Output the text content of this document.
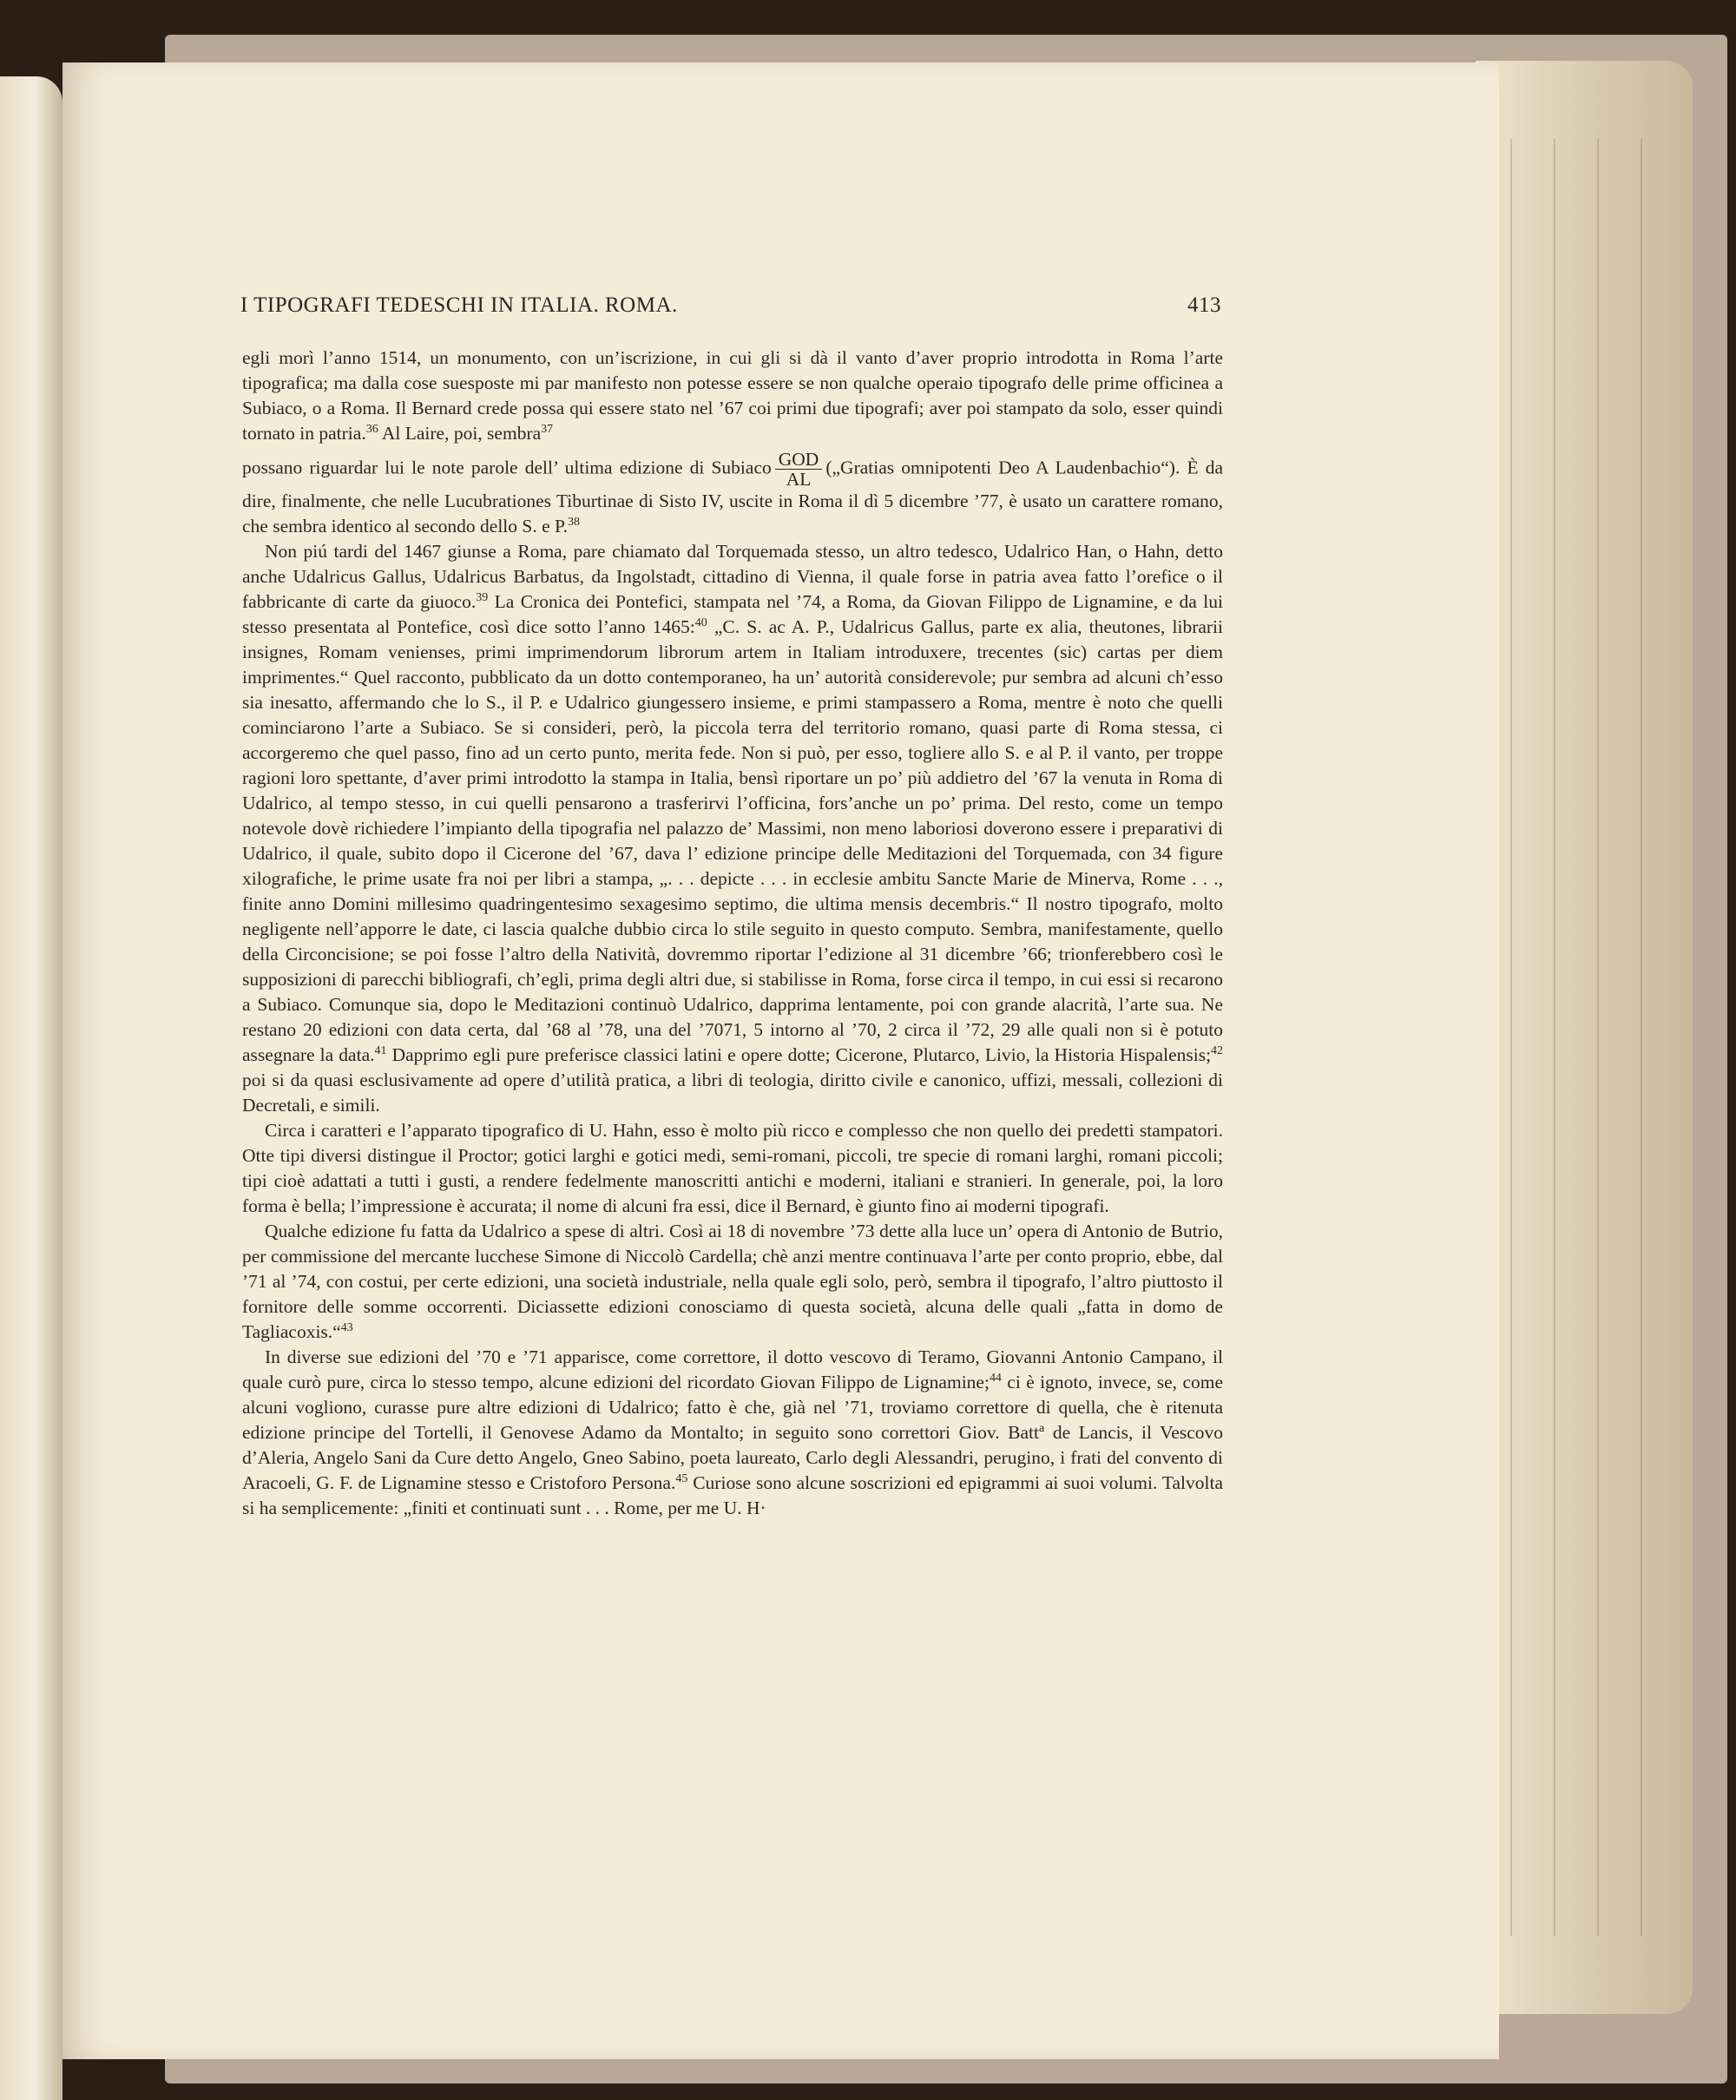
I TIPOGRAFI TEDESCHI IN ITALIA. ROMA.	413

egli morì l’anno 1514, un monumento, con un’iscrizione, in cui gli si dà il vanto d’aver proprio introdotta in Roma l’arte tipografica; ma dalla cose suesposte mi par manifesto non potesse essere se non qualche operaio tipografo delle prime officinea a Subiaco, o a Roma. Il Bernard crede possa qui essere stato nel ’67 coi primi due tipografi; aver poi stampato da solo, esser quindi tornato in patria.$^{36}$ Al Laire, poi, sembra$^{37}$
possano riguardar lui le note parole dell’ ultima edizione di Subiaco $\frac{\text{GOD}}{AL}$ („Gratias omnipotenti Deo A Laudenbachio“). È da dire, finalmente, che nelle Lucubrationes Tiburtinae di Sisto IV, uscite in Roma il dì 5 dicembre ’77, è usato un carattere romano, che sembra identico al secondo dello S. e P.$^{38}$

Non piú tardi del 1467 giunse a Roma, pare chiamato dal Torquemada stesso, un altro tedesco, Udalrico Han, o Hahn, detto anche Udalricus Gallus, Udalricus Barbatus, da Ingolstadt, cittadino di Vienna, il quale forse in patria avea fatto l’orefice o il fabbricante di carte da giuoco.$^{39}$ La Cronica dei Pontefici, stampata nel ’74, a Roma, da Giovan Filippo de Lignamine, e da lui stesso presentata al Pontefice, così dice sotto l’anno 1465:$^{40}$ „C. S. ac A. P., Udalricus Gallus, parte ex alia, theutones, librarii insignes, Romam venienses, primi imprimendorum librorum artem in Italiam introduxere, trecentes (sic) cartas per diem imprimentes.“ Quel racconto, pubblicato da un dotto contemporaneo, ha un’ autorità considerevole; pur sembra ad alcuni ch’esso sia inesatto, affermando che lo S., il P. e Udalrico giungessero insieme, e primi stampassero a Roma, mentre è noto che quelli cominciarono l’arte a Subiaco. Se si consideri, però, la piccola terra del territorio romano, quasi parte di Roma stessa, ci accorgeremo che quel passo, fino ad un certo punto, merita fede. Non si può, per esso, togliere allo S. e al P. il vanto, per troppe ragioni loro spettante, d’aver primi introdotto la stampa in Italia, bensì riportare un po’ più addietro del ’67 la venuta in Roma di Udalrico, al tempo stesso, in cui quelli pensarono a trasferirvi l’officina, fors’anche un po’ prima. Del resto, come un tempo notevole dovè richiedere l’impianto della tipografia nel palazzo de’ Massimi, non meno laboriosi doverono essere i preparativi di Udalrico, il quale, subito dopo il Cicerone del ’67, dava l’ edizione principe delle Meditazioni del Torquemada, con 34 figure xilografiche, le prime usate fra noi per libri a stampa, „. . . depicte . . . in ecclesie ambitu Sancte Marie de Minerva, Rome . . ., finite anno Domini millesimo quadringentesimo sexagesimo septimo, die ultima mensis decembris.“ Il nostro tipografo, molto negligente nell’apporre le date, ci lascia qualche dubbio circa lo stile seguito in questo computo. Sembra, manifestamente, quello della Circoncisione; se poi fosse l’altro della Natività, dovremmo riportar l’edizione al 31 dicembre ’66; trionferebbero così le supposizioni di parecchi bibliografi, ch’egli, prima degli altri due, si stabilisse in Roma, forse circa il tempo, in cui essi si recarono a Subiaco. Comunque sia, dopo le Meditazioni continuò Udalrico, dapprima lentamente, poi con grande alacrità, l’arte sua. Ne restano 20 edizioni con data certa, dal ’68 al ’78, una del ’7071, 5 intorno al ’70, 2 circa il ’72, 29 alle quali non si è potuto assegnare la data.$^{41}$ Dapprimo egli pure preferisce classici latini e opere dotte; Cicerone, Plutarco, Livio, la Historia Hispalensis;$^{42}$ poi si da quasi esclusivamente ad opere d’utilità pratica, a libri di teologia, diritto civile e canonico, uffizi, messali, collezioni di Decretali, e simili.

Circa i caratteri e l’apparato tipografico di U. Hahn, esso è molto più ricco e complesso che non quello dei predetti stampatori. Otte tipi diversi distingue il Proctor; gotici larghi e gotici medi, semi-romani, piccoli, tre specie di romani larghi, romani piccoli; tipi cioè adattati a tutti i gusti, a rendere fedelmente manoscritti antichi e moderni, italiani e stranieri. In generale, poi, la loro forma è bella; l’impressione è accurata; il nome di alcuni fra essi, dice il Bernard, è giunto fino ai moderni tipografi.

Qualche edizione fu fatta da Udalrico a spese di altri. Così ai 18 di novembre ’73 dette alla luce un’ opera di Antonio de Butrio, per commissione del mercante lucchese Simone di Niccolò Cardella; chè anzi mentre continuava l’arte per conto proprio, ebbe, dal ’71 al ’74, con costui, per certe edizioni, una società industriale, nella quale egli solo, però, sembra il tipografo, l’altro piuttosto il fornitore delle somme occorrenti. Diciassette edizioni conosciamo di questa società, alcuna delle quali „fatta in domo de Tagliacoxis.“$^{43}$

In diverse sue edizioni del ’70 e ’71 apparisce, come correttore, il dotto vescovo di Teramo, Giovanni Antonio Campano, il quale curò pure, circa lo stesso tempo, alcune edizioni del ricordato Giovan Filippo de Lignamine;$^{44}$ ci è ignoto, invece, se, come alcuni vogliono, curasse pure altre edizioni di Udalrico; fatto è che, già nel ’71, troviamo correttore di quella, che è ritenuta edizione principe del Tortelli, il Genovese Adamo da Montalto; in seguito sono correttori Giov. Batt$^a$ de Lancis, il Vescovo d’Aleria, Angelo Sani da Cure detto Angelo, Gneo Sabino, poeta laureato, Carlo degli Alessandri, perugino, i frati del convento di Aracoeli, G. F. de Lignamine stesso e Cristoforo Persona.$^{45}$ Curiose sono alcune soscrizioni ed epigrammi ai suoi volumi. Talvolta si ha semplicemente: „finiti et continuati sunt . . . Rome, per me U. H·
